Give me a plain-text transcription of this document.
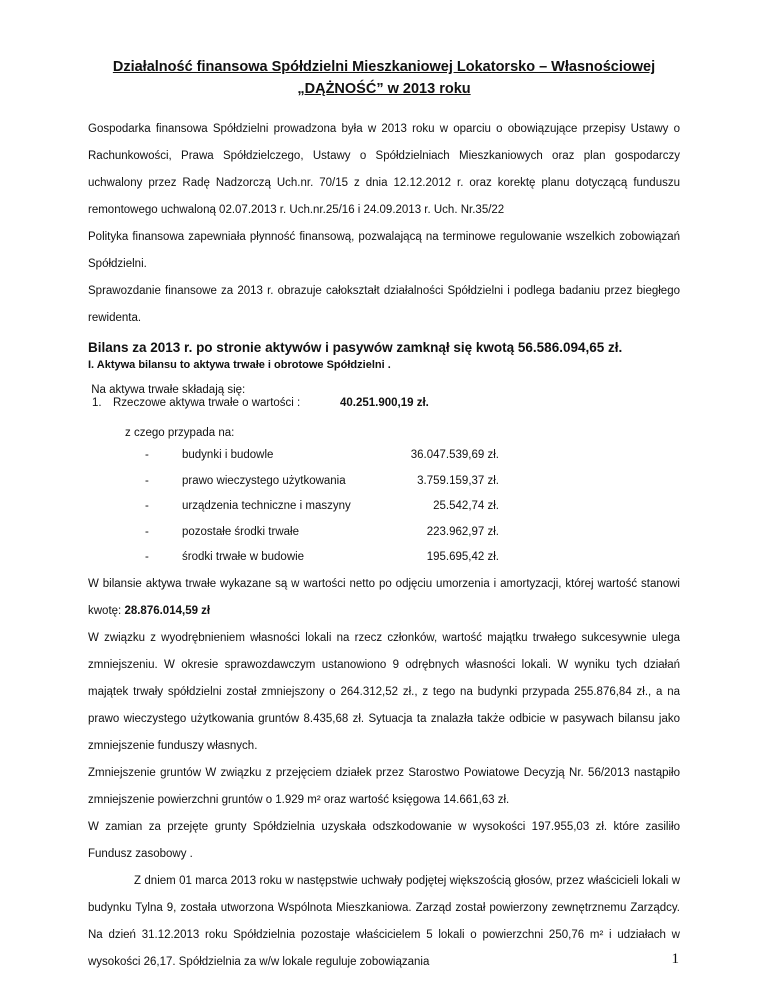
Działalność finansowa Spółdzielni Mieszkaniowej Lokatorsko – Własnościowej
„DĄŻNOŚĆ” w 2013 roku

Gospodarka finansowa Spółdzielni prowadzona była w 2013 roku w oparciu o obowiązujące przepisy Ustawy o Rachunkowości, Prawa Spółdzielczego, Ustawy o Spółdzielniach Mieszkaniowych oraz plan gospodarczy uchwalony przez Radę Nadzorczą Uch.nr. 70/15 z dnia 12.12.2012 r. oraz korektę planu dotyczącą funduszu remontowego uchwaloną 02.07.2013 r. Uch.nr.25/16 i 24.09.2013 r. Uch. Nr.35/22

Polityka finansowa zapewniała płynność finansową, pozwalającą na terminowe regulowanie wszelkich zobowiązań Spółdzielni.

Sprawozdanie finansowe za 2013 r. obrazuje całokształt działalności Spółdzielni i podlega badaniu przez biegłego rewidenta.

Bilans za 2013 r. po stronie aktywów i pasywów zamknął się kwotą 56.586.094,65 zł.

I. Aktywa bilansu to aktywa trwałe i obrotowe Spółdzielni .

Na aktywa trwałe składają się:

1. Rzeczowe aktywa trwałe o wartości :	40.251.900,19 zł.

z czego przypada na:

-	budynki i budowle	36.047.539,69 zł.
-	prawo wieczystego użytkowania	3.759.159,37 zł.
-	urządzenia techniczne i maszyny	25.542,74 zł.
-	pozostałe środki trwałe	223.962,97 zł.
-	środki trwałe w budowie	195.695,42 zł.

W bilansie aktywa trwałe wykazane są w wartości netto po odjęciu umorzenia i amortyzacji, której wartość stanowi kwotę: 28.876.014,59 zł

W związku z wyodrębnieniem własności lokali na rzecz członków, wartość majątku trwałego sukcesywnie ulega zmniejszeniu. W okresie sprawozdawczym ustanowiono 9 odrębnych własności lokali. W wyniku tych działań majątek trwały spółdzielni został zmniejszony o 264.312,52 zł., z tego na budynki przypada 255.876,84 zł., a na prawo wieczystego użytkowania gruntów 8.435,68 zł. Sytuacja ta znalazła także odbicie w pasywach bilansu jako zmniejszenie funduszy własnych.

Zmniejszenie gruntów W związku z przejęciem działek przez Starostwo Powiatowe Decyzją Nr. 56/2013 nastąpiło zmniejszenie powierzchni gruntów o 1.929 m² oraz wartość księgowa 14.661,63 zł.

W zamian za przejęte grunty Spółdzielnia uzyskała odszkodowanie w wysokości 197.955,03 zł. które zasiliło Fundusz zasobowy .

Z dniem 01 marca 2013 roku w następstwie uchwały podjętej większością głosów, przez właścicieli lokali w budynku Tylna 9, została utworzona Wspólnota Mieszkaniowa. Zarząd został powierzony zewnętrznemu Zarządcy. Na dzień 31.12.2013 roku Spółdzielnia pozostaje właścicielem 5 lokali o powierzchni 250,76 m² i udziałach w wysokości 26,17. Spółdzielnia za w/w lokale reguluje zobowiązania	1
